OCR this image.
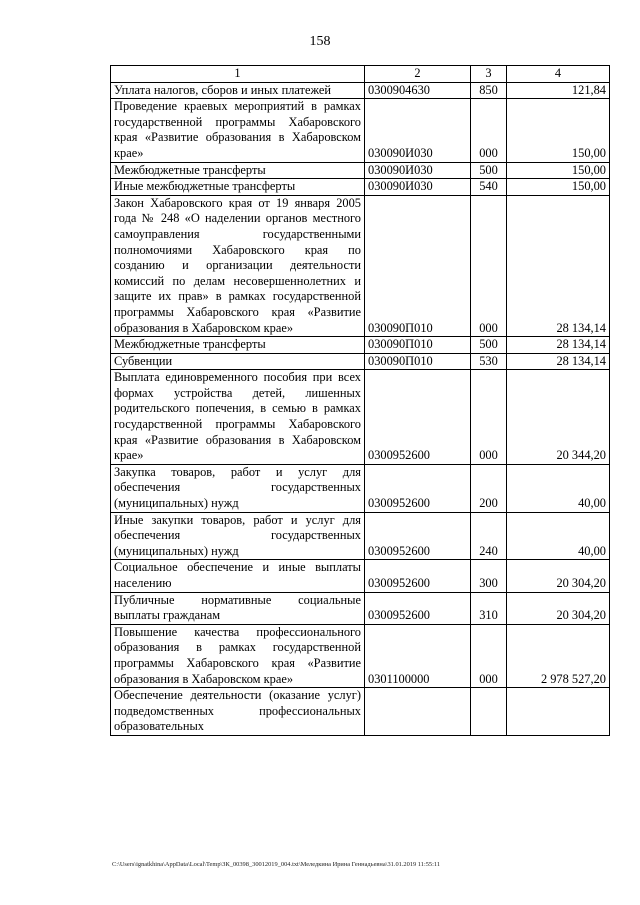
158
1	2	3	4
Уплата налогов, сборов и иных платежей	0300904630	850	121,84
Проведение краевых мероприятий в рамках государственной программы Хабаровского края «Развитие образования в Хабаровском крае»	030090И030	000	150,00
Межбюджетные трансферты	030090И030	500	150,00
Иные межбюджетные трансферты	030090И030	540	150,00
Закон Хабаровского края от 19 января 2005 года № 248 «О наделении органов местного самоуправления государственными полномочиями Хабаровского края по созданию и организации деятельности комиссий по делам несовершеннолетних и защите их прав» в рамках государственной программы Хабаровского края «Развитие образования в Хабаровском крае»	030090П010	000	28 134,14
Межбюджетные трансферты	030090П010	500	28 134,14
Субвенции	030090П010	530	28 134,14
Выплата единовременного пособия при всех формах устройства детей, лишенных родительского попечения, в семью в рамках государственной программы Хабаровского края «Развитие образования в Хабаровском крае»	0300952600	000	20 344,20
Закупка товаров, работ и услуг для обеспечения государственных (муниципальных) нужд	0300952600	200	40,00
Иные закупки товаров, работ и услуг для обеспечения государственных (муниципальных) нужд	0300952600	240	40,00
Социальное обеспечение и иные выплаты населению	0300952600	300	20 304,20
Публичные нормативные социальные выплаты гражданам	0300952600	310	20 304,20
Повышение качества профессионального образования в рамках государственной программы Хабаровского края «Развитие образования в Хабаровском крае»	0301100000	000	2 978 527,20
Обеспечение деятельности (оказание услуг) подведомственных профессиональных образовательных			
C:\Users\ignatkhina\AppData\Local\Temp\ЗК_00398_30012019_004.txt\Меледкина Ирина Геннадьевна\31.01.2019 11:55:11
